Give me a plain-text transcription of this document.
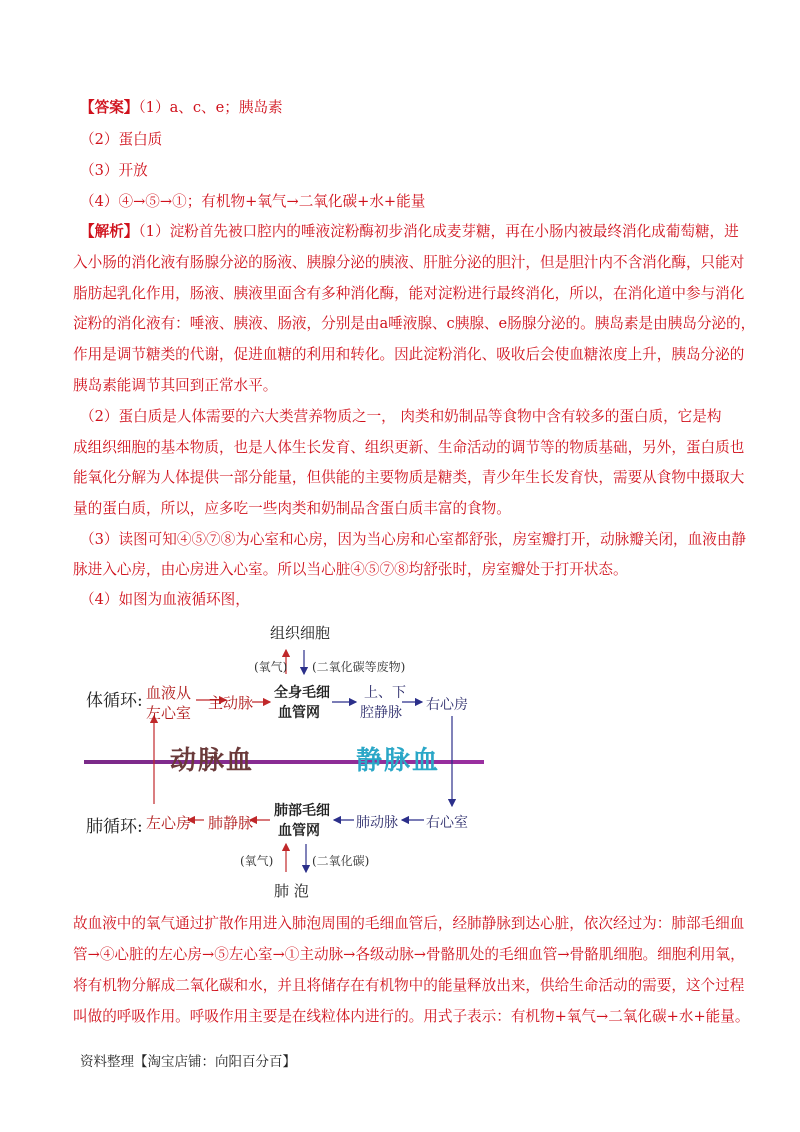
【答案】（1）a、c、e；胰岛素
（2）蛋白质
（3）开放
（4）④→⑤→①；有机物+氧气→二氧化碳+水+能量
【解析】（1）淀粉首先被口腔内的唾液淀粉酶初步消化成麦芽糖，再在小肠内被最终消化成葡萄糖，进
入小肠的消化液有肠腺分泌的肠液、胰腺分泌的胰液、肝脏分泌的胆汁，但是胆汁内不含消化酶，只能对
脂肪起乳化作用，肠液、胰液里面含有多种消化酶，能对淀粉进行最终消化，所以，在消化道中参与消化
淀粉的消化液有：唾液、胰液、肠液，分别是由a唾液腺、c胰腺、e肠腺分泌的。胰岛素是由胰岛分泌的，
作用是调节糖类的代谢，促进血糖的利用和转化。因此淀粉消化、吸收后会使血糖浓度上升，胰岛分泌的
胰岛素能调节其回到正常水平。
（2）蛋白质是人体需要的六大类营养物质之一， 肉类和奶制品等食物中含有较多的蛋白质，它是构
成组织细胞的基本物质，也是人体生长发育、组织更新、生命活动的调节等的物质基础，另外，蛋白质也
能氧化分解为人体提供一部分能量，但供能的主要物质是糖类，青少年生长发育快，需要从食物中摄取大
量的蛋白质，所以，应多吃一些肉类和奶制品含蛋白质丰富的食物。
（3）读图可知④⑤⑦⑧为心室和心房，因为当心房和心室都舒张，房室瓣打开，动脉瓣关闭，血液由静
脉进入心房，由心房进入心室。所以当心脏④⑤⑦⑧均舒张时，房室瓣处于打开状态。
（4）如图为血液循环图，
组织细胞
(氧气) (二氧化碳等废物)
体循环: 血液从
左心室
主动脉
全身毛细
血管网
上、下
腔静脉 右心房
动脉血	静脉血
肺循环: 左心房 肺静脉
肺部毛细
血管网	肺动脉 右心室
(氧气)	(二氧化碳)
肺 泡
故血液中的氧气通过扩散作用进入肺泡周围的毛细血管后，经肺静脉到达心脏，依次经过为：肺部毛细血
管→④心脏的左心房→⑤左心室→①主动脉→各级动脉→骨骼肌处的毛细血管→骨骼肌细胞。细胞利用氧，
将有机物分解成二氧化碳和水，并且将储存在有机物中的能量释放出来，供给生命活动的需要，这个过程
叫做的呼吸作用。呼吸作用主要是在线粒体内进行的。用式子表示：有机物+氧气→二氧化碳+水+能量。
资料整理【淘宝店铺：向阳百分百】
